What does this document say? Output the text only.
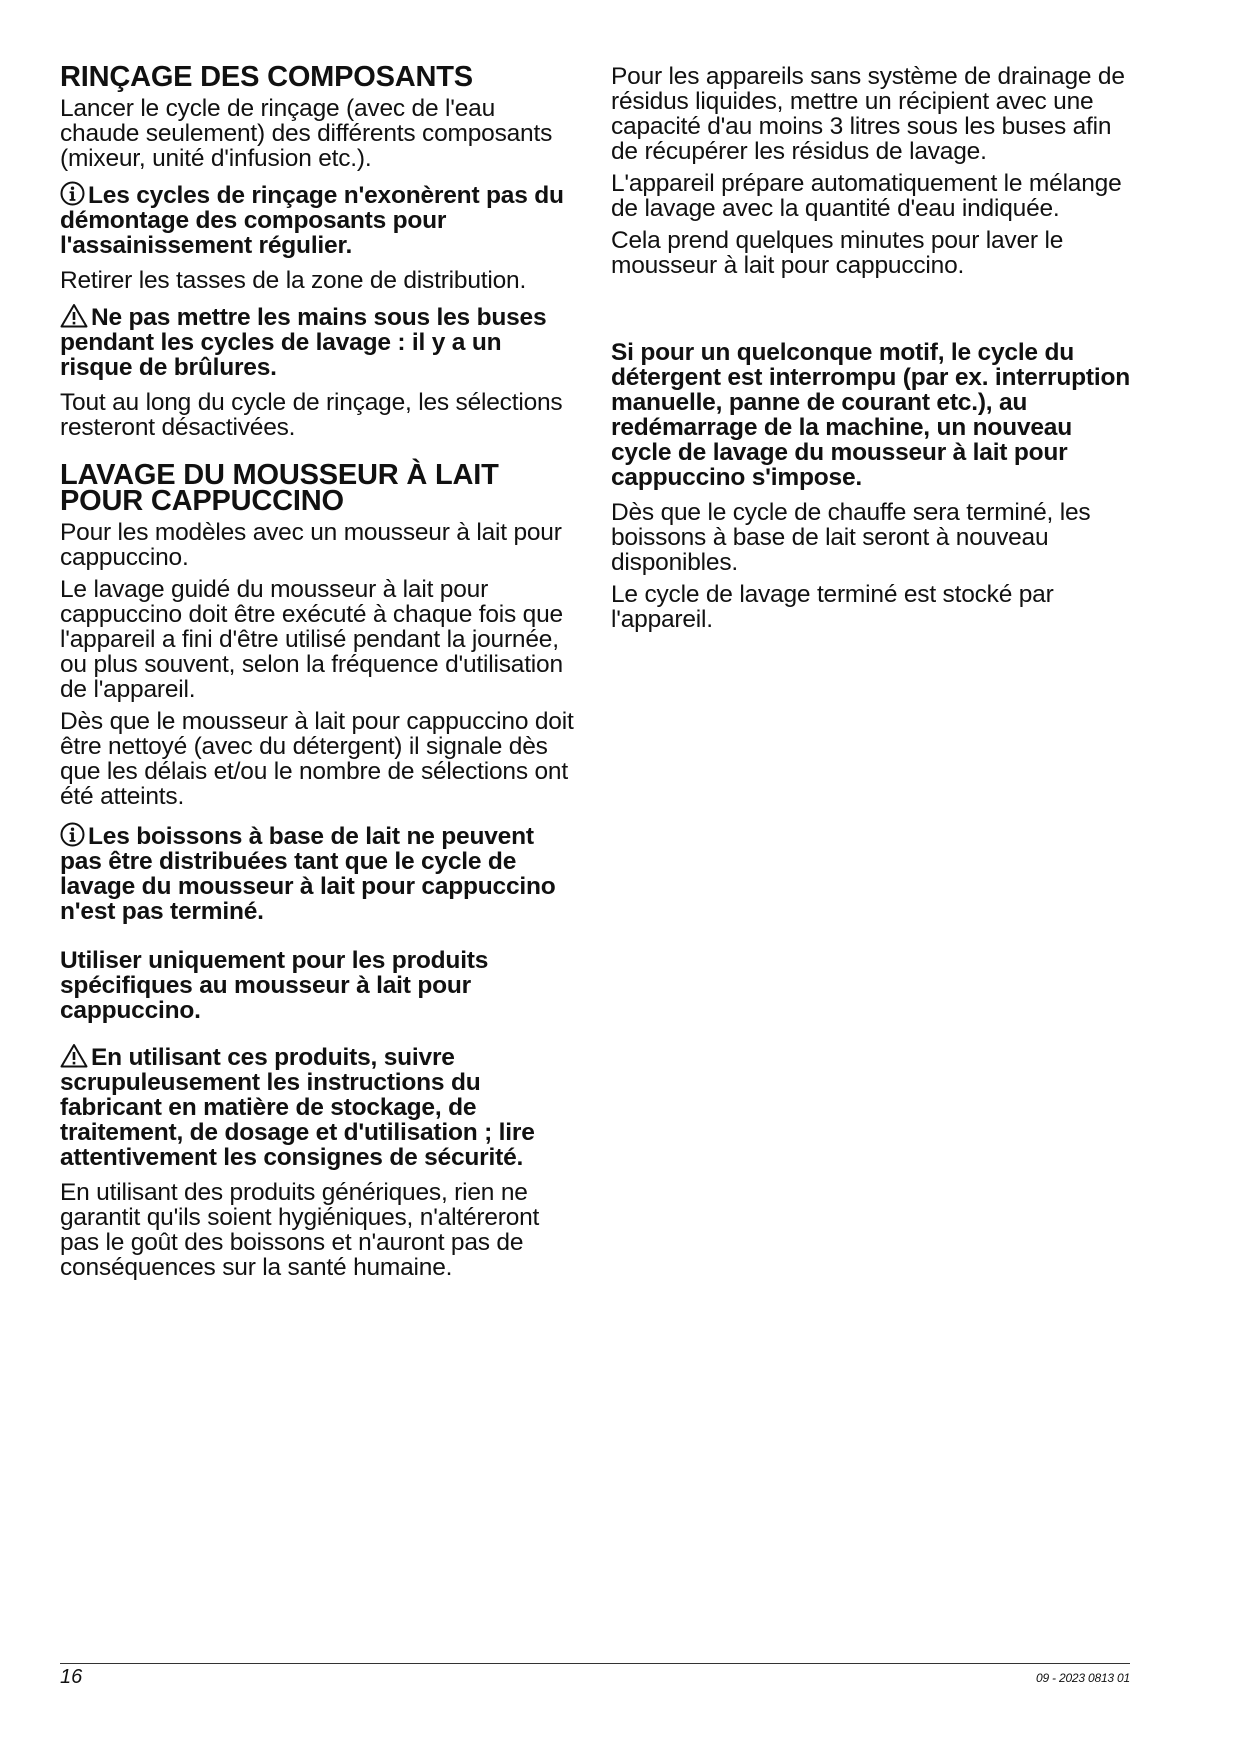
RINÇAGE DES COMPOSANTS

Lancer le cycle de rinçage (avec de l'eau chaude seulement) des différents composants (mixeur, unité d'infusion etc.).

Les cycles de rinçage n'exonèrent pas du démontage des composants pour l'assainissement régulier.

Retirer les tasses de la zone de distribution.

Ne pas mettre les mains sous les buses pendant les cycles de lavage : il y a un risque de brûlures.

Tout au long du cycle de rinçage, les sélections resteront désactivées.

LAVAGE DU MOUSSEUR À LAIT POUR CAPPUCCINO

Pour les modèles avec un mousseur à lait pour cappuccino.

Le lavage guidé du mousseur à lait pour cappuccino doit être exécuté à chaque fois que l'appareil a fini d'être utilisé pendant la journée, ou plus souvent, selon la fréquence d'utilisation de l'appareil.

Dès que le mousseur à lait pour cappuccino doit être nettoyé (avec du détergent) il signale dès que les délais et/ou le nombre de sélections ont été atteints.

Les boissons à base de lait ne peuvent pas être distribuées tant que le cycle de lavage du mousseur à lait pour cappuccino n'est pas terminé.

Utiliser uniquement pour les produits spécifiques au mousseur à lait pour cappuccino.

En utilisant ces produits, suivre scrupuleusement les instructions du fabricant en matière de stockage, de traitement, de dosage et d'utilisation ; lire attentivement les consignes de sécurité.

En utilisant des produits génériques, rien ne garantit qu'ils soient hygiéniques, n'altéreront pas le goût des boissons et n'auront pas de conséquences sur la santé humaine.

Pour les appareils sans système de drainage de résidus liquides, mettre un récipient avec une capacité d'au moins 3 litres sous les buses afin de récupérer les résidus de lavage.

L'appareil prépare automatiquement le mélange de lavage avec la quantité d'eau indiquée.

Cela prend quelques minutes pour laver le mousseur à lait pour cappuccino.

Si pour un quelconque motif, le cycle du détergent est interrompu (par ex. interruption manuelle, panne de courant etc.), au redémarrage de la machine, un nouveau cycle de lavage du mousseur à lait pour cappuccino s'impose.

Dès que le cycle de chauffe sera terminé, les boissons à base de lait seront à nouveau disponibles.

Le cycle de lavage terminé est stocké par l'appareil.

16	09 - 2023 0813 01
